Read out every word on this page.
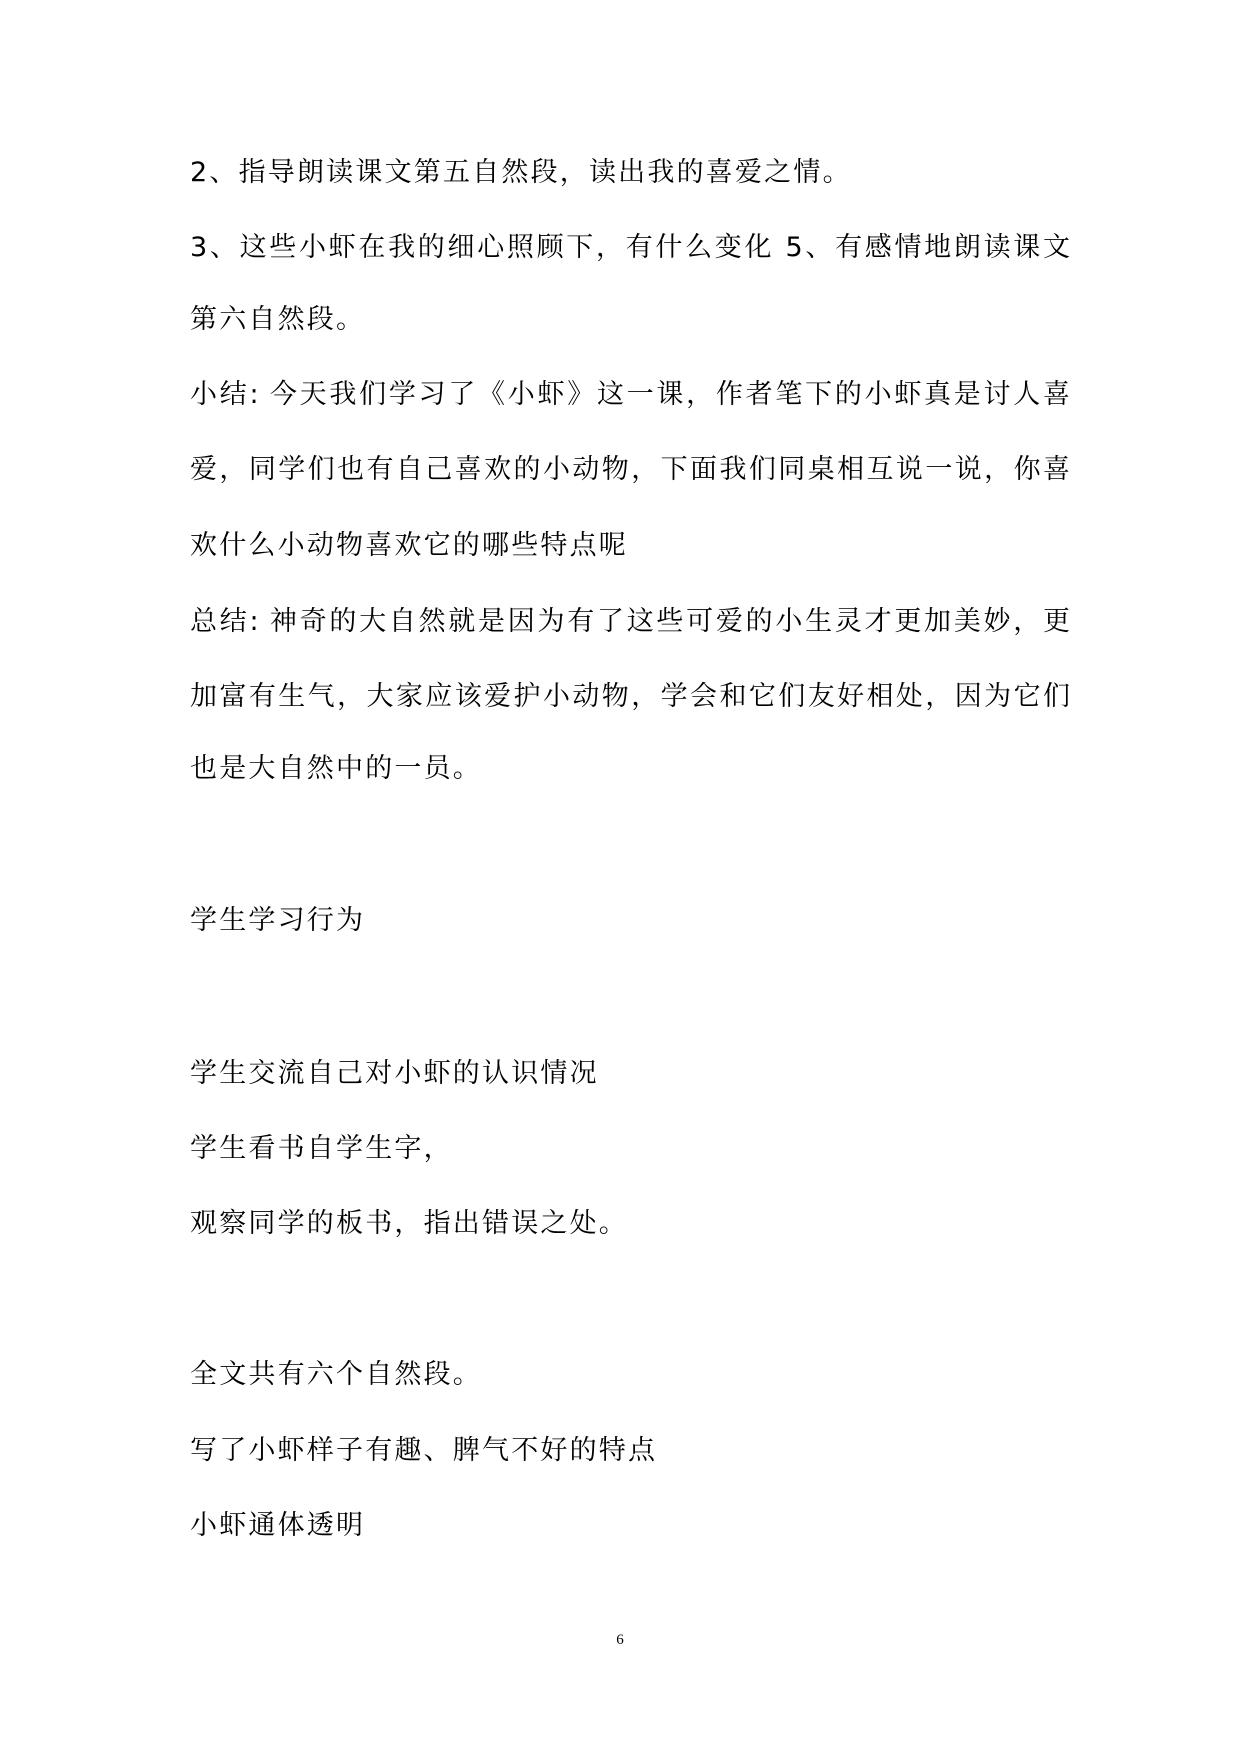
2、指导朗读课文第五自然段，读出我的喜爱之情。
3、这些小虾在我的细心照顾下，有什么变化 5、有感情地朗读课文
第六自然段。
小结: 今天我们学习了《小虾》这一课，作者笔下的小虾真是讨人喜
爱，同学们也有自己喜欢的小动物，下面我们同桌相互说一说，你喜
欢什么小动物喜欢它的哪些特点呢
总结: 神奇的大自然就是因为有了这些可爱的小生灵才更加美妙，更
加富有生气，大家应该爱护小动物，学会和它们友好相处，因为它们
也是大自然中的一员。
学生学习行为
学生交流自己对小虾的认识情况
学生看书自学生字，
观察同学的板书，指出错误之处。
全文共有六个自然段。
写了小虾样子有趣、脾气不好的特点
小虾通体透明
6
